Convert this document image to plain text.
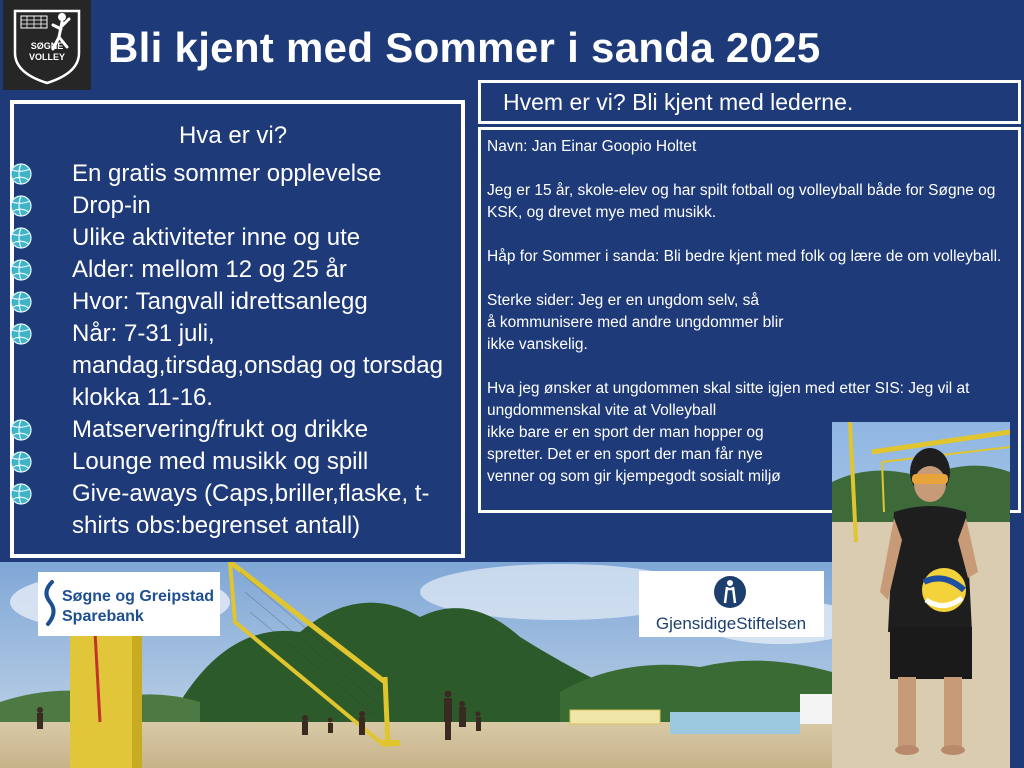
SØGNE
VOLLEY Bli kjent med Sommer i sanda 2025
Hva er vi?
En gratis sommer opplevelse
Drop-in
Ulike aktiviteter inne og ute
Alder: mellom 12 og 25 år
Hvor: Tangvall idrettsanlegg
Når: 7-31 juli, mandag,tirsdag,onsdag og torsdag klokka 11-16.
Matservering/frukt og drikke
Lounge med musikk og spill
Give-aways (Caps,briller,flaske, t-shirts obs:begrenset antall)
Hvem er vi? Bli kjent med lederne.

Navn: Jan Einar Goopio Holtet

Jeg er 15 år, skole-elev og har spilt fotball og volleyball både for Søgne og KSK, og drevet mye med musikk.

Håp for Sommer i sanda: Bli bedre kjent med folk og lære de om volleyball.

Sterke sider: Jeg er en ungdom selv, så
å kommunisere med andre ungdommer blir
ikke vanskelig.

Hva jeg ønsker at ungdommen skal sitte igjen med etter SIS: Jeg vil at ungdommenskal vite at Volleyball
ikke bare er en sport der man hopper og
spretter. Det er en sport der man får nye
venner og som gir kjempegodt sosialt miljø

Søgne og Greipstad
Sparebank	GjensidigeStiftelsen
